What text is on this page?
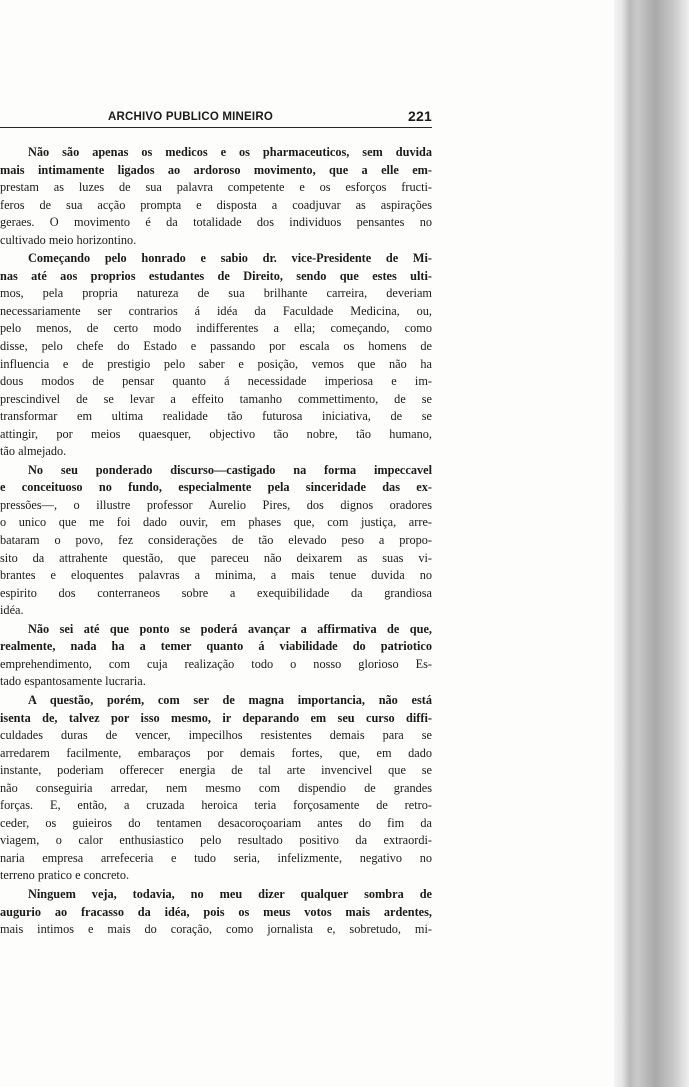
ARCHIVO PUBLICO MINEIRO	221
Não são apenas os medicos e os pharmaceuticos, sem duvida
mais intimamente ligados ao ardoroso movimento, que a elle em-
prestam as luzes de sua palavra competente e os esforços fructi-
feros de sua acção prompta e disposta a coadjuvar as aspirações
geraes. O movimento é da totalidade dos individuos pensantes no
cultivado meio horizontino.
Começando pelo honrado e sabio dr. vice-Presidente de Mi-
nas até aos proprios estudantes de Direito, sendo que estes ulti-
mos, pela propria natureza de sua brilhante carreira, deveriam
necessariamente ser contrarios á idéa da Faculdade Medicina, ou,
pelo menos, de certo modo indifferentes a ella; começando, como
disse, pelo chefe do Estado e passando por escala os homens de
influencia e de prestigio pelo saber e posição, vemos que não ha
dous modos de pensar quanto á necessidade imperiosa e im-
prescindivel de se levar a effeito tamanho commettimento, de se
transformar em ultima realidade tão futurosa iniciativa, de se
attingir, por meios quaesquer, objectivo tão nobre, tão humano,
tão almejado.
No seu ponderado discurso—castigado na forma impeccavel
e conceituoso no fundo, especialmente pela sinceridade das ex-
pressões—, o illustre professor Aurelio Pires, dos dignos oradores
o unico que me foi dado ouvir, em phases que, com justiça, arre-
bataram o povo, fez considerações de tão elevado peso a propo-
sito da attrahente questão, que pareceu não deixarem as suas vi-
brantes e eloquentes palavras a minima, a mais tenue duvida no
espirito dos conterraneos sobre a exequibilidade da grandiosa
idéa.
Não sei até que ponto se poderá avançar a affirmativa de que,
realmente, nada ha a temer quanto á viabilidade do patriotico
emprehendimento, com cuja realização todo o nosso glorioso Es-
tado espantosamente lucraria.
A questão, porém, com ser de magna importancia, não está
isenta de, talvez por isso mesmo, ir deparando em seu curso diffi-
culdades duras de vencer, impecilhos resistentes demais para se
arredarem facilmente, embaraços por demais fortes, que, em dado
instante, poderiam offerecer energia de tal arte invencivel que se
não conseguiria arredar, nem mesmo com dispendio de grandes
forças. E, então, a cruzada heroica teria forçosamente de retro-
ceder, os guieiros do tentamen desacoroçoariam antes do fim da
viagem, o calor enthusiastico pelo resultado positivo da extraordi-
naria empresa arrefeceria e tudo seria, infelizmente, negativo no
terreno pratico e concreto.
Ninguem veja, todavia, no meu dizer qualquer sombra de
augurio ao fracasso da idéa, pois os meus votos mais ardentes,
mais intimos e mais do coração, como jornalista e, sobretudo, mi-
